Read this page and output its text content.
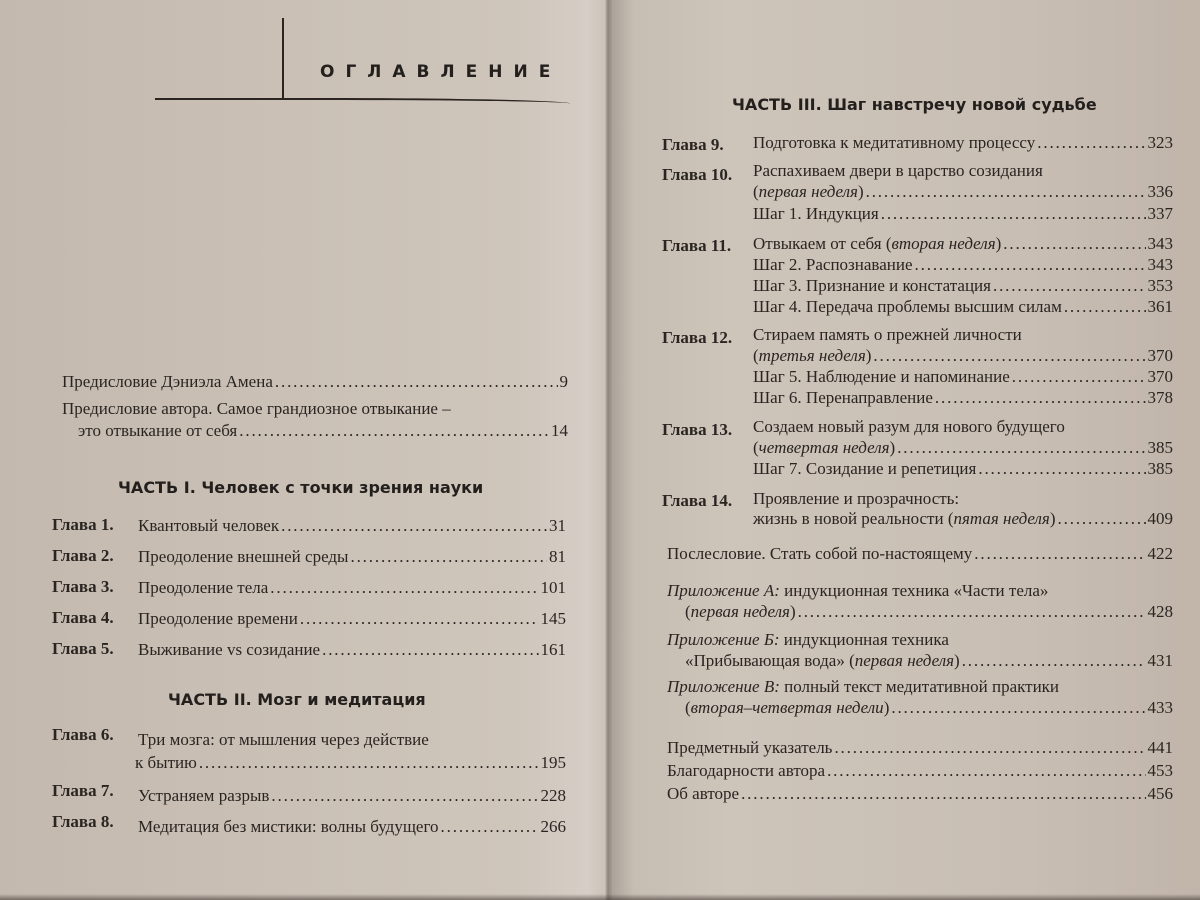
ОГЛАВЛЕНИЕ
Предисловие Дэниэла Амена . . .	9
Предисловие автора. Самое грандиозное отвыкание –
это отвыкание от себя . . .	14
ЧАСТЬ I. Человек с точки зрения науки
Глава 1. Квантовый человек . . .	31
Глава 2. Преодоление внешней среды . . .	81
Глава 3. Преодоление тела . . .	101
Глава 4. Преодоление времени . . .	145
Глава 5. Выживание vs созидание . . .	161
ЧАСТЬ II. Мозг и медитация
Глава 6. Три мозга: от мышления через действие
к бытию . . .	195
Глава 7. Устраняем разрыв . . .	228
Глава 8. Медитация без мистики: волны будущего . . .	266
ЧАСТЬ III. Шаг навстречу новой судьбе
Глава 9. Подготовка к медитативному процессу . . .	323
Глава 10. Распахиваем двери в царство созидания
(первая неделя) . . .	336
Шаг 1. Индукция . . .	337
Глава 11. Отвыкаем от себя (вторая неделя) . . .	343
Шаг 2. Распознавание . . .	343
Шаг 3. Признание и констатация . . .	353
Шаг 4. Передача проблемы высшим силам . . .	361
Глава 12. Стираем память о прежней личности
(третья неделя) . . .	370
Шаг 5. Наблюдение и напоминание . . .	370
Шаг 6. Перенаправление . . .	378
Глава 13. Создаем новый разум для нового будущего
(четвертая неделя) . . .	385
Шаг 7. Созидание и репетиция . . .	385
Глава 14. Проявление и прозрачность:
жизнь в новой реальности (пятая неделя) . . .	409
Послесловие. Стать собой по-настоящему . . .	422
Приложение А: индукционная техника «Части тела»
(первая неделя) . . .	428
Приложение Б: индукционная техника
«Прибывающая вода» (первая неделя) . . .	431
Приложение В: полный текст медитативной практики
(вторая–четвертая недели) . . .	433
Предметный указатель . . .	441
Благодарности автора . . .	453
Об авторе . . .	456
